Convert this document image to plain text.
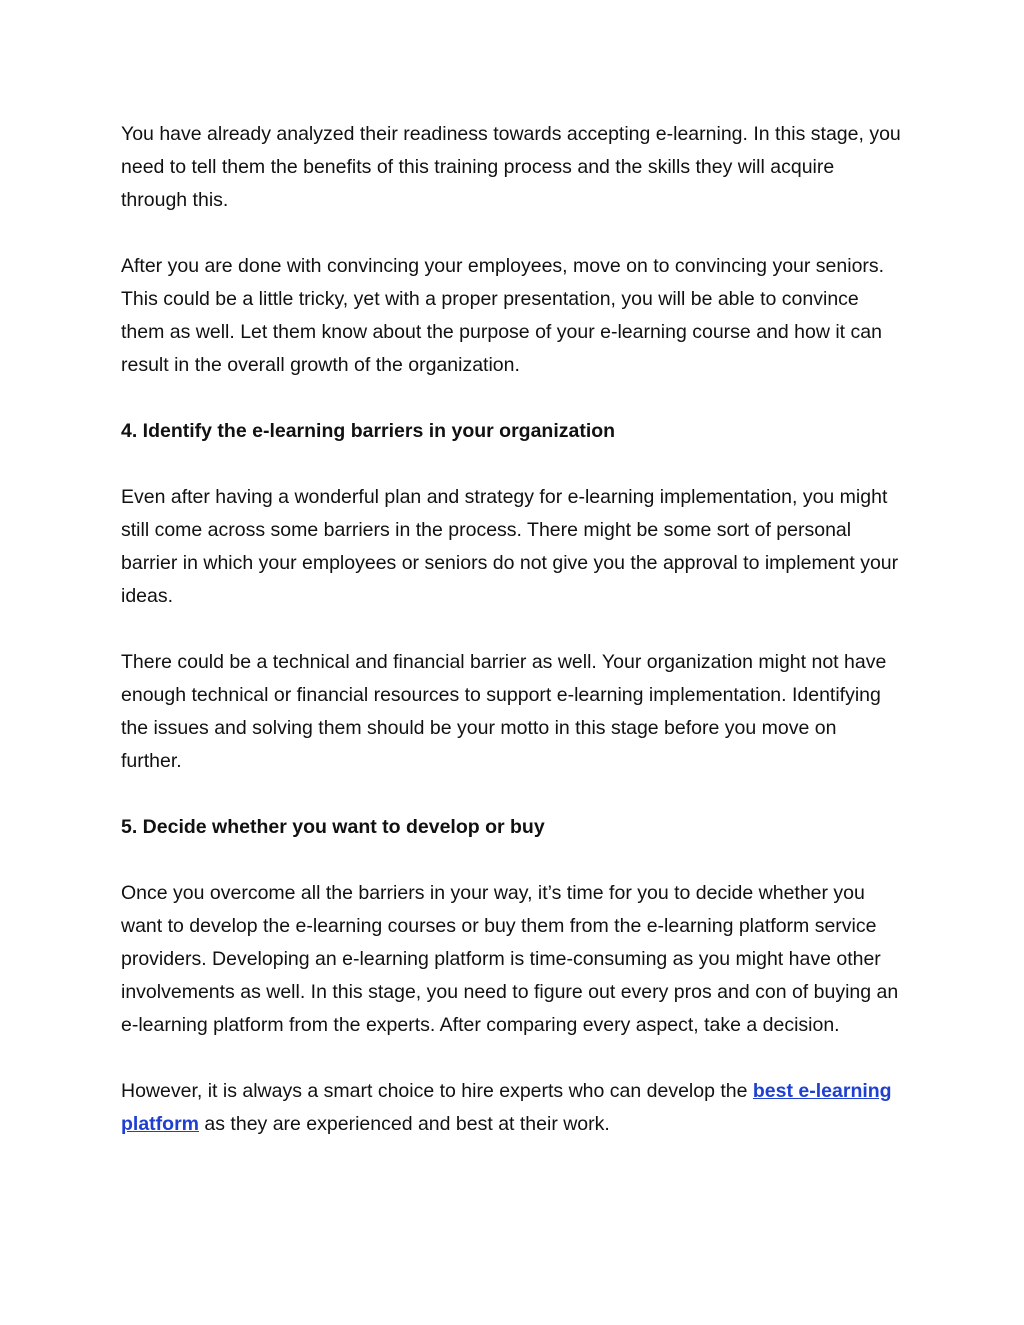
You have already analyzed their readiness towards accepting e-learning. In this stage, you need to tell them the benefits of this training process and the skills they will acquire through this.

After you are done with convincing your employees, move on to convincing your seniors. This could be a little tricky, yet with a proper presentation, you will be able to convince them as well. Let them know about the purpose of your e-learning course and how it can result in the overall growth of the organization.

4. Identify the e-learning barriers in your organization

Even after having a wonderful plan and strategy for e-learning implementation, you might still come across some barriers in the process. There might be some sort of personal barrier in which your employees or seniors do not give you the approval to implement your ideas.

There could be a technical and financial barrier as well. Your organization might not have enough technical or financial resources to support e-learning implementation. Identifying the issues and solving them should be your motto in this stage before you move on further.

5. Decide whether you want to develop or buy

Once you overcome all the barriers in your way, it’s time for you to decide whether you want to develop the e-learning courses or buy them from the e-learning platform service providers. Developing an e-learning platform is time-consuming as you might have other involvements as well. In this stage, you need to figure out every pros and con of buying an e-learning platform from the experts. After comparing every aspect, take a decision.

However, it is always a smart choice to hire experts who can develop the best e-learning platform as they are experienced and best at their work.
